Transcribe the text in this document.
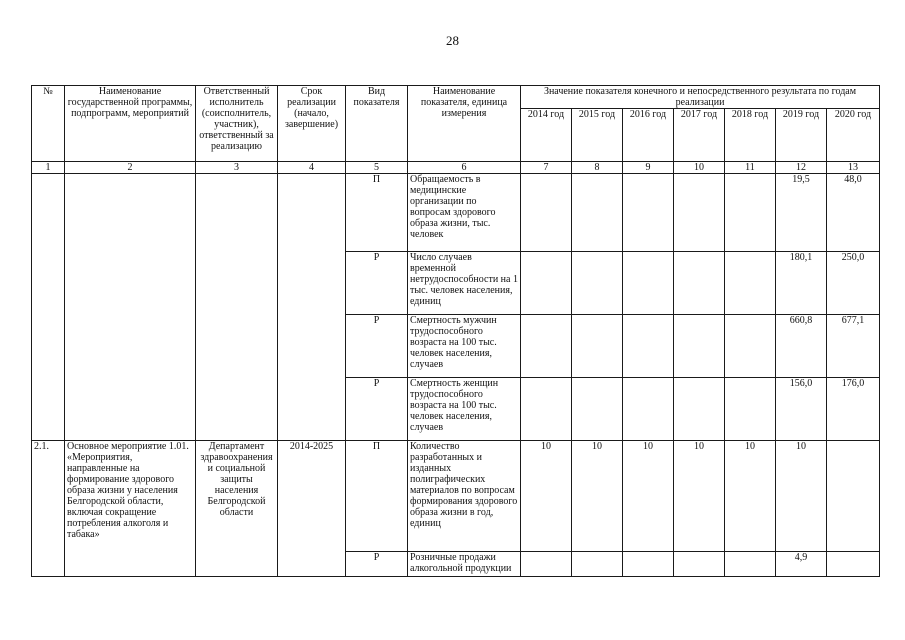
28
№	Наименование государственной программы, подпрограмм, мероприятий	Ответственный исполнитель (соисполнитель, участник), ответственный за реализацию	Срок реализации (начало, завершение)	Вид показателя	Наименование показателя, единица измерения	Значение показателя конечного и непосредственного результата по годам реализации						
						2014 год	2015 год	2016 год	2017 год	2018 год	2019 год	2020 год
1	2	3	4	5	6	7	8	9	10	11	12	13
				П	Обращаемость в медицинские организации по вопросам здорового образа жизни, тыс. человек						19,5	48,0
				Р	Число случаев временной нетрудоспособности на 1 тыс. человек населения, единиц						180,1	250,0
				Р	Смертность мужчин трудоспособного возраста на 100 тыс. человек населения, случаев						660,8	677,1
				Р	Смертность женщин трудоспособного возраста на 100 тыс. человек населения, случаев						156,0	176,0
2.1.	Основное мероприятие 1.01. «Мероприятия, направленные на формирование здорового образа жизни у населения Белгородской области, включая сокращение потребления алкоголя и табака»	Департамент здравоохранения и социальной защиты населения Белгородской области	2014-2025	П	Количество разработанных и изданных полиграфических материалов по вопросам формирования здорового образа жизни в год, единиц	10	10	10	10	10	10	
				Р	Розничные продажи алкогольной продукции						4,9	
